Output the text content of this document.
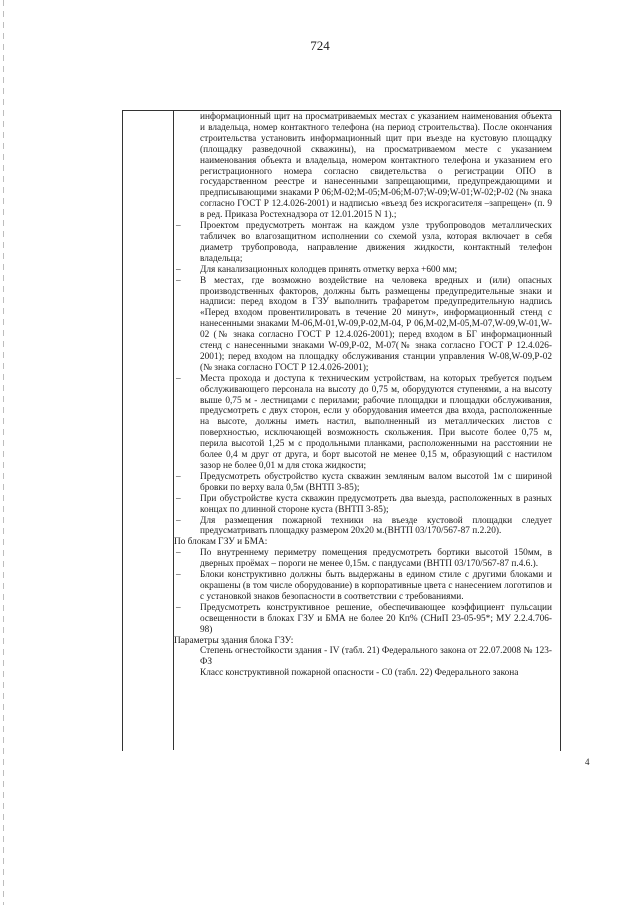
724

информационный щит на просматриваемых местах с указанием наименования объекта и владельца, номер контактного телефона (на период строительства). После окончания строительства установить информационный щит при въезде на кустовую площадку (площадку разведочной скважины), на просматриваемом месте с указанием наименования объекта и владельца, номером контактного телефона и указанием его регистрационного номера согласно свидетельства о регистрации ОПО в государственном реестре и нанесенными запрещающими, предупреждающими и предписывающими знаками Р 06;М-02;М-05;М-06;М-07;W-09;W-01;W-02;Р-02 (№ знака согласно ГОСТ Р 12.4.026-2001) и надписью «въезд без искрогасителя –запрещен» (п. 9 в ред. Приказа Ростехнадзора от 12.01.2015 N 1).;

– Проектом предусмотреть монтаж на каждом узле трубопроводов металлических табличек во влагозащитном исполнении со схемой узла, которая включает в себя диаметр трубопровода, направление движения жидкости, контактный телефон владельца;

– Для канализационных колодцев принять отметку верха +600 мм;

– В местах, где возможно воздействие на человека вредных и (или) опасных производственных факторов, должны быть размещены предупредительные знаки и надписи: перед входом в ГЗУ выполнить трафаретом предупредительную надпись «Перед входом провентилировать в течение 20 минут», информационный стенд с нанесенными знаками М-06,М-01,W-09,Р-02,М-04, Р 06,М-02,М-05,М-07,W-09,W-01,W-02 (№ знака согласно ГОСТ Р 12.4.026-2001); перед входом в БГ информационный стенд с нанесенными знаками W-09,Р-02, М-07(№ знака согласно ГОСТ Р 12.4.026-2001); перед входом на площадку обслуживания станции управления W-08,W-09,Р-02 (№ знака согласно ГОСТ Р 12.4.026-2001);

– Места прохода и доступа к техническим устройствам, на которых требуется подъем обслуживающего персонала на высоту до 0,75 м, оборудуются ступенями, а на высоту выше 0,75 м - лестницами с перилами; рабочие площадки и площадки обслуживания, предусмотреть с двух сторон, если у оборудования имеется два входа, расположенные на высоте, должны иметь настил, выполненный из металлических листов с поверхностью, исключающей возможность скольжения. При высоте более 0,75 м, перила высотой 1,25 м с продольными планками, расположенными на расстоянии не более 0,4 м друг от друга, и борт высотой не менее 0,15 м, образующий с настилом зазор не более 0,01 м для стока жидкости;

– Предусмотреть обустройство куста скважин земляным валом высотой 1м с шириной бровки по верху вала 0,5м (ВНТП 3-85);

– При обустройстве куста скважин предусмотреть два выезда, расположенных в разных концах по длинной стороне куста (ВНТП 3-85);

– Для размещения пожарной техники на въезде кустовой площадки следует предусматривать площадку размером 20х20 м.(ВНТП 03/170/567-87 п.2.20).

По блокам ГЗУ и БМА:

– По внутреннему периметру помещения предусмотреть бортики высотой 150мм, в дверных проёмах – пороги не менее 0,15м. с пандусами (ВНТП 03/170/567-87 п.4.6.).

– Блоки конструктивно должны быть выдержаны в едином стиле с другими блоками и окрашены (в том числе оборудование) в корпоративные цвета с нанесением логотипов и с установкой знаков безопасности в соответствии с требованиями.

– Предусмотреть конструктивное решение, обеспечивающее коэффициент пульсации освещенности в блоках ГЗУ и БМА не более 20 Кп% (СНиП 23-05-95*; МУ 2.2.4.706-98)

Параметры здания блока ГЗУ:

Степень огнестойкости здания - IV (табл. 21) Федерального закона от 22.07.2008 № 123-ФЗ

Класс конструктивной пожарной опасности - С0 (табл. 22) Федерального закона

4
